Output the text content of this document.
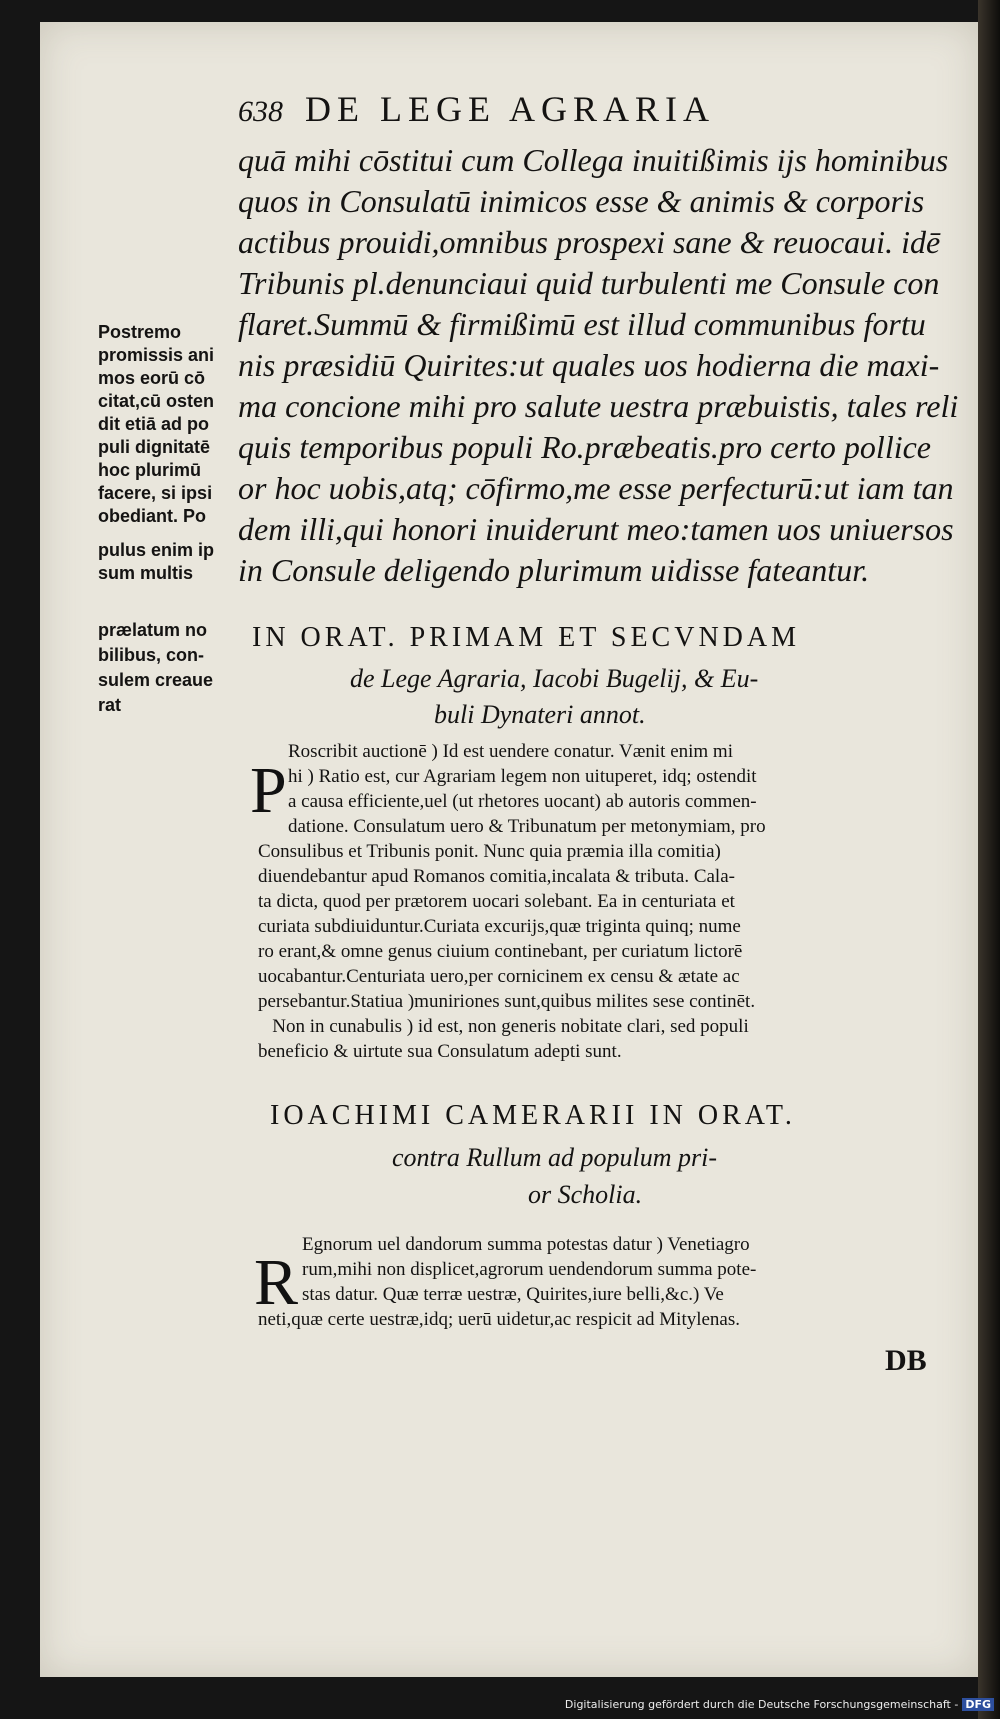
638 DE LEGE AGRARIA
quā mihi cōstitui cum Collega inuitißimis ijs hominibus
quos in Consulatū inimicos esse & animis & corporis
actibus prouidi,omnibus prospexi sane & reuocaui. idē
Tribunis pl.denunciaui quid turbulenti me Consule con
flaret.Summū & firmißimū est illud communibus fortu
nis præsidiū Quirites:ut quales uos hodierna die maxi-
ma concione mihi pro salute uestra præbuistis, tales reli
quis temporibus populi Ro.præbeatis.pro certo pollice
or hoc uobis,atq; cōfirmo,me esse perfecturū:ut iam tan
dem illi,qui honori inuiderunt meo:tamen uos uniuersos
in Consule deligendo plurimum uidisse fateantur.
Postremo
promissis ani
mos eorū cō
citat,cū osten
dit etiā ad po
puli dignitatē
hoc plurimū
facere, si ipsi
obediant. Po
pulus enim ip
sum multis
prælatum no
bilibus, con-
sulem creaue
rat
IN ORAT. PRIMAM ET SECVNDAM
de Lege Agraria, Iacobi Bugelij, & Eu-
buli Dynateri annot.
P
Roscribit auctionē ) Id est uendere conatur. Vænit enim mi
hi ) Ratio est, cur Agrariam legem non uituperet, idq; ostendit
a causa efficiente,uel (ut rhetores uocant) ab autoris commen-
datione. Consulatum uero & Tribunatum per metonymiam, pro
Consulibus et Tribunis ponit. Nunc quia præmia illa comitia)
diuendebantur apud Romanos comitia,incalata & tributa. Cala-
ta dicta, quod per prætorem uocari solebant. Ea in centuriata et
curiata subdiuiduntur.Curiata excurijs,quæ triginta quinq; nume
ro erant,& omne genus ciuium continebant, per curiatum lictorē
uocabantur.Centuriata uero,per cornicinem ex censu & ætate ac
persebantur.Statiua )muniriones sunt,quibus milites sese continēt.
Non in cunabulis ) id est, non generis nobitate clari, sed populi
beneficio & uirtute sua Consulatum adepti sunt.
IOACHIMI CAMERARII IN ORAT.
contra Rullum ad populum pri-
or Scholia.
R
Egnorum uel dandorum summa potestas datur ) Venetiagro
rum,mihi non displicet,agrorum uendendorum summa pote-
stas datur. Quæ terræ uestræ, Quirites,iure belli,&c.) Ve
neti,quæ certe uestræ,idq; uerū uidetur,ac respicit ad Mitylenas.
DB
Digitalisierung gefördert durch die Deutsche Forschungsgemeinschaft - DFG
